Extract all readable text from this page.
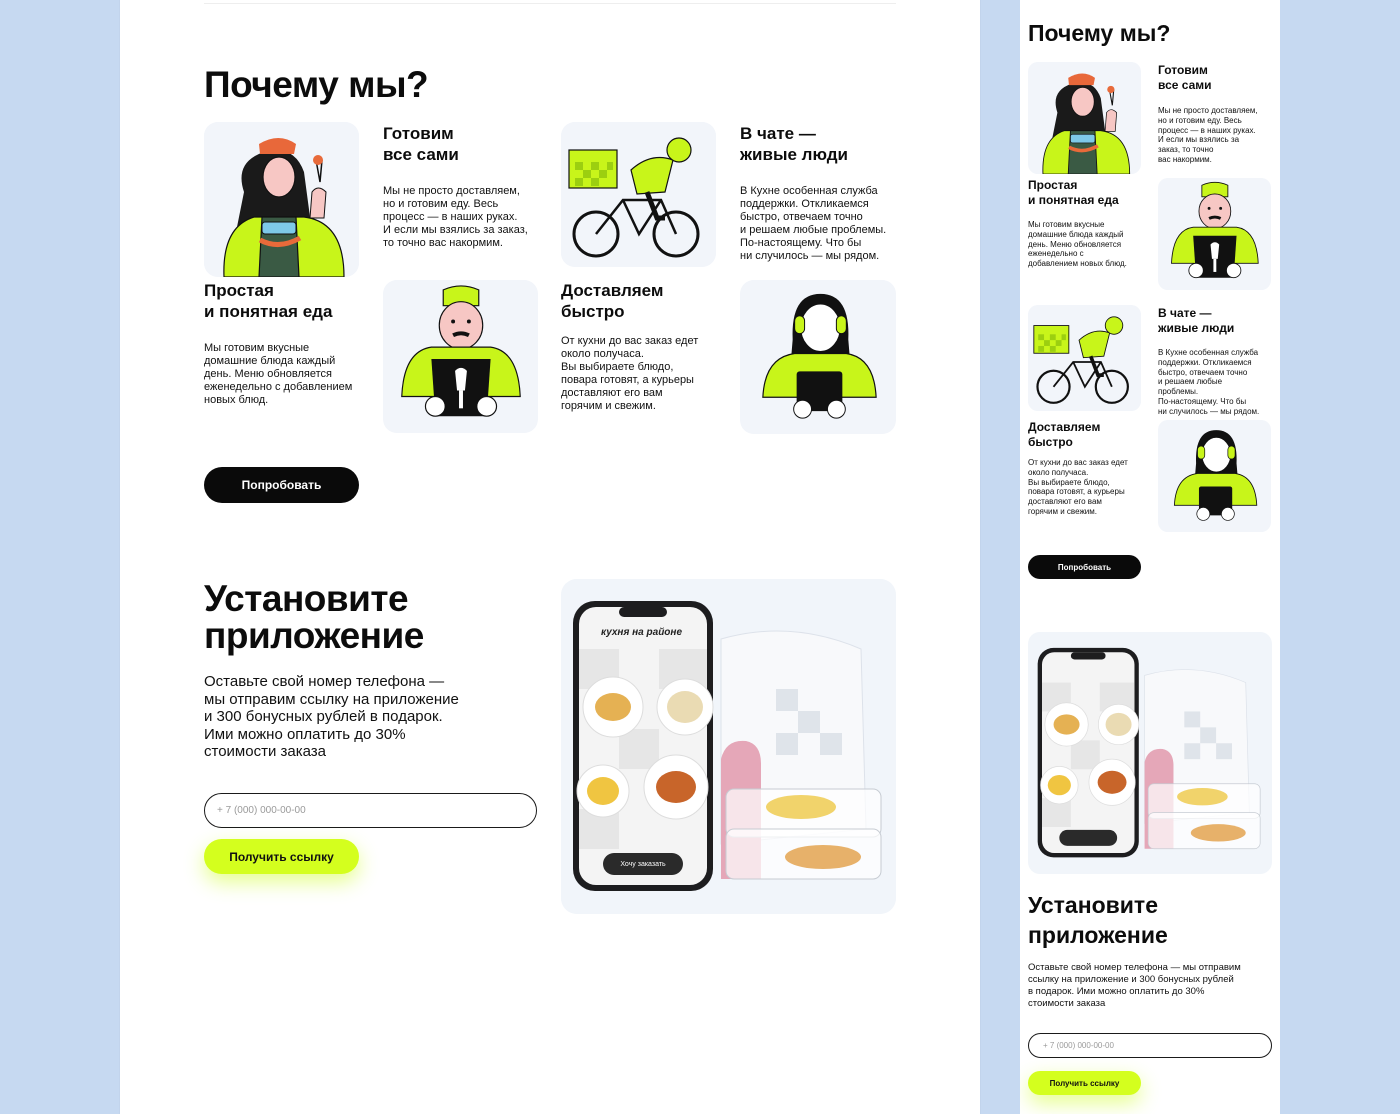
Почему мы?
Простая
и понятная еда
Мы готовим вкусные
домашние блюда каждый
день. Меню обновляется
еженедельно с добавлением
новых блюд.
Готовим
все сами
Мы не просто доставляем,
но и готовим еду. Весь
процесс — в наших руках.
И если мы взялись за заказ,
то точно вас накормим.
Доставляем
быстро
От кухни до вас заказ едет
около получаса.
Вы выбираете блюдо,
повара готовят, а курьеры
доставляют его вам
горячим и свежим.
В чате —
живые люди
В Кухне особенная служба
поддержки. Откликаемся
быстро, отвечаем точно
и решаем любые проблемы.
По-настоящему. Что бы
ни случилось — мы рядом.
Попробовать
Установите
приложение
Оставьте свой номер телефона —
мы отправим ссылку на приложение
и 300 бонусных рублей в подарок.
Ими можно оплатить до 30%
стоимости заказа
+ 7 (000) 000-00-00
Получить ссылку
кухня на районе
Хочу заказать
Почему мы?
Готовим
все сами
Мы не просто доставляем,
но и готовим еду. Весь
процесс — в наших руках.
И если мы взялись за
заказ, то точно
вас накормим.
Простая
и понятная еда
Мы готовим вкусные
домашние блюда каждый
день. Меню обновляется
еженедельно с
добавлением новых блюд.
В чате —
живые люди
В Кухне особенная служба
поддержки. Откликаемся
быстро, отвечаем точно
и решаем любые
проблемы.
По-настоящему. Что бы
ни случилось — мы рядом.
Доставляем
быстро
От кухни до вас заказ едет
около получаса.
Вы выбираете блюдо,
повара готовят, а курьеры
доставляют его вам
горячим и свежим.
Попробовать
Установите
приложение
Оставьте свой номер телефона — мы отправим
ссылку на приложение и 300 бонусных рублей
в подарок. Ими можно оплатить до 30%
стоимости заказа
+ 7 (000) 000-00-00
Получить ссылку
